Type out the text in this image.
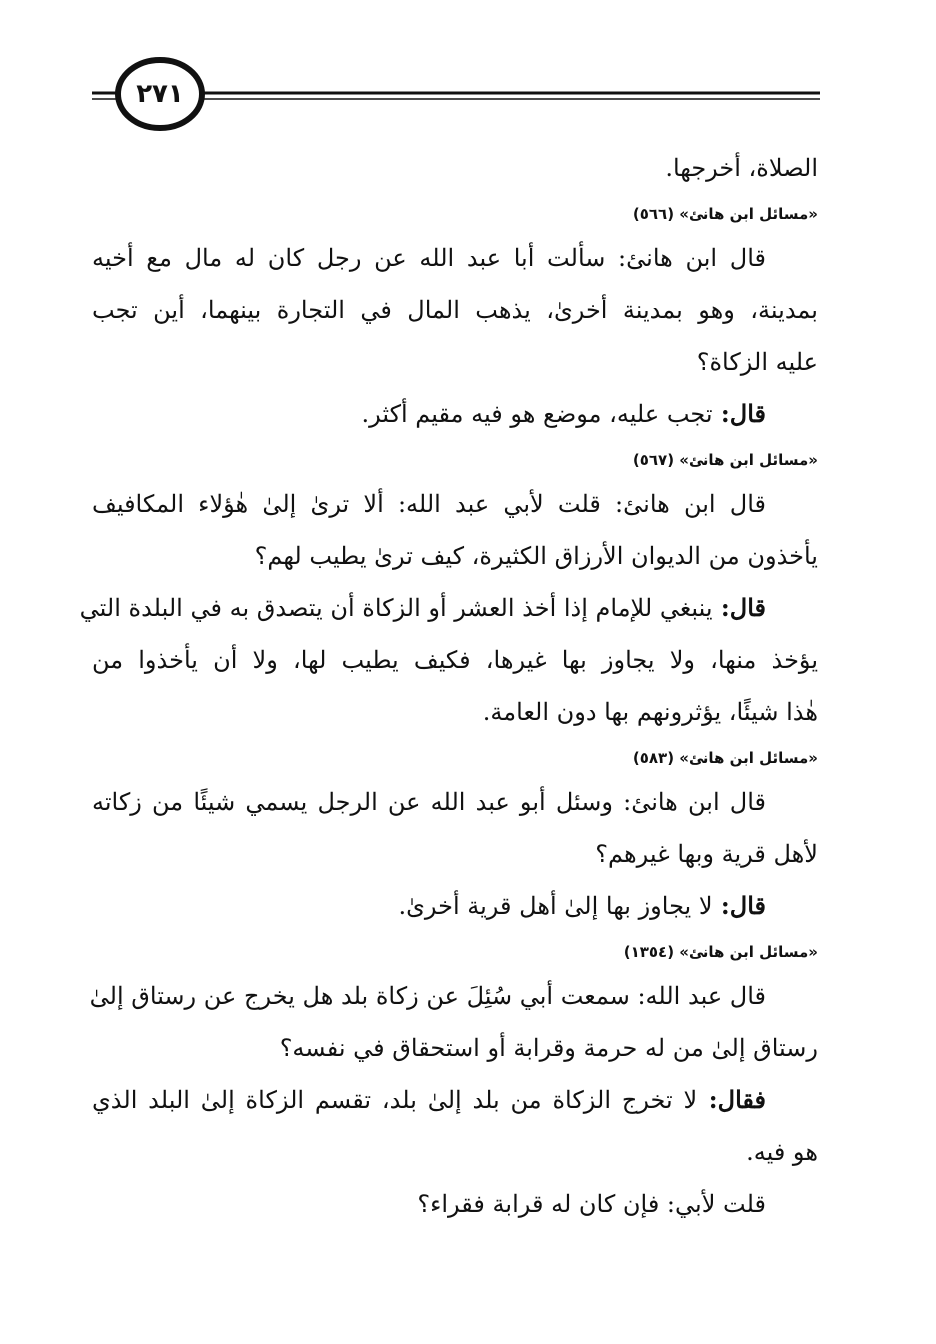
٢٧١
الصلاة، أخرجها.
«مسائل ابن هانئ» (٥٦٦)
قال ابن هانئ: سألت أبا عبد الله عن رجل كان له مال مع أخيه
بمدينة، وهو بمدينة أخرىٰ، يذهب المال في التجارة بينهما، أين تجب
عليه الزكاة؟
قال: تجب عليه، موضع هو فيه مقيم أكثر.
«مسائل ابن هانئ» (٥٦٧)
قال ابن هانئ: قلت لأبي عبد الله: ألا ترىٰ إلىٰ هٰؤلاء المكافيف
يأخذون من الديوان الأرزاق الكثيرة، كيف ترىٰ يطيب لهم؟
قال: ينبغي للإمام إذا أخذ العشر أو الزكاة أن يتصدق به في البلدة التي
يؤخذ منها، ولا يجاوز بها غيرها، فكيف يطيب لها، ولا أن يأخذوا من
هٰذا شيئًا، يؤثرونهم بها دون العامة.
«مسائل ابن هانئ» (٥٨٣)
قال ابن هانئ: وسئل أبو عبد الله عن الرجل يسمي شيئًا من زكاته
لأهل قرية وبها غيرهم؟
قال: لا يجاوز بها إلىٰ أهل قرية أخرىٰ.
«مسائل ابن هانئ» (١٣٥٤)
قال عبد الله: سمعت أبي سُئِلَ عن زكاة بلد هل يخرج عن رستاق إلىٰ
رستاق إلىٰ من له حرمة وقرابة أو استحقاق في نفسه؟
فقال: لا تخرج الزكاة من بلد إلىٰ بلد، تقسم الزكاة إلىٰ البلد الذي
هو فيه.
قلت لأبي: فإن كان له قرابة فقراء؟
